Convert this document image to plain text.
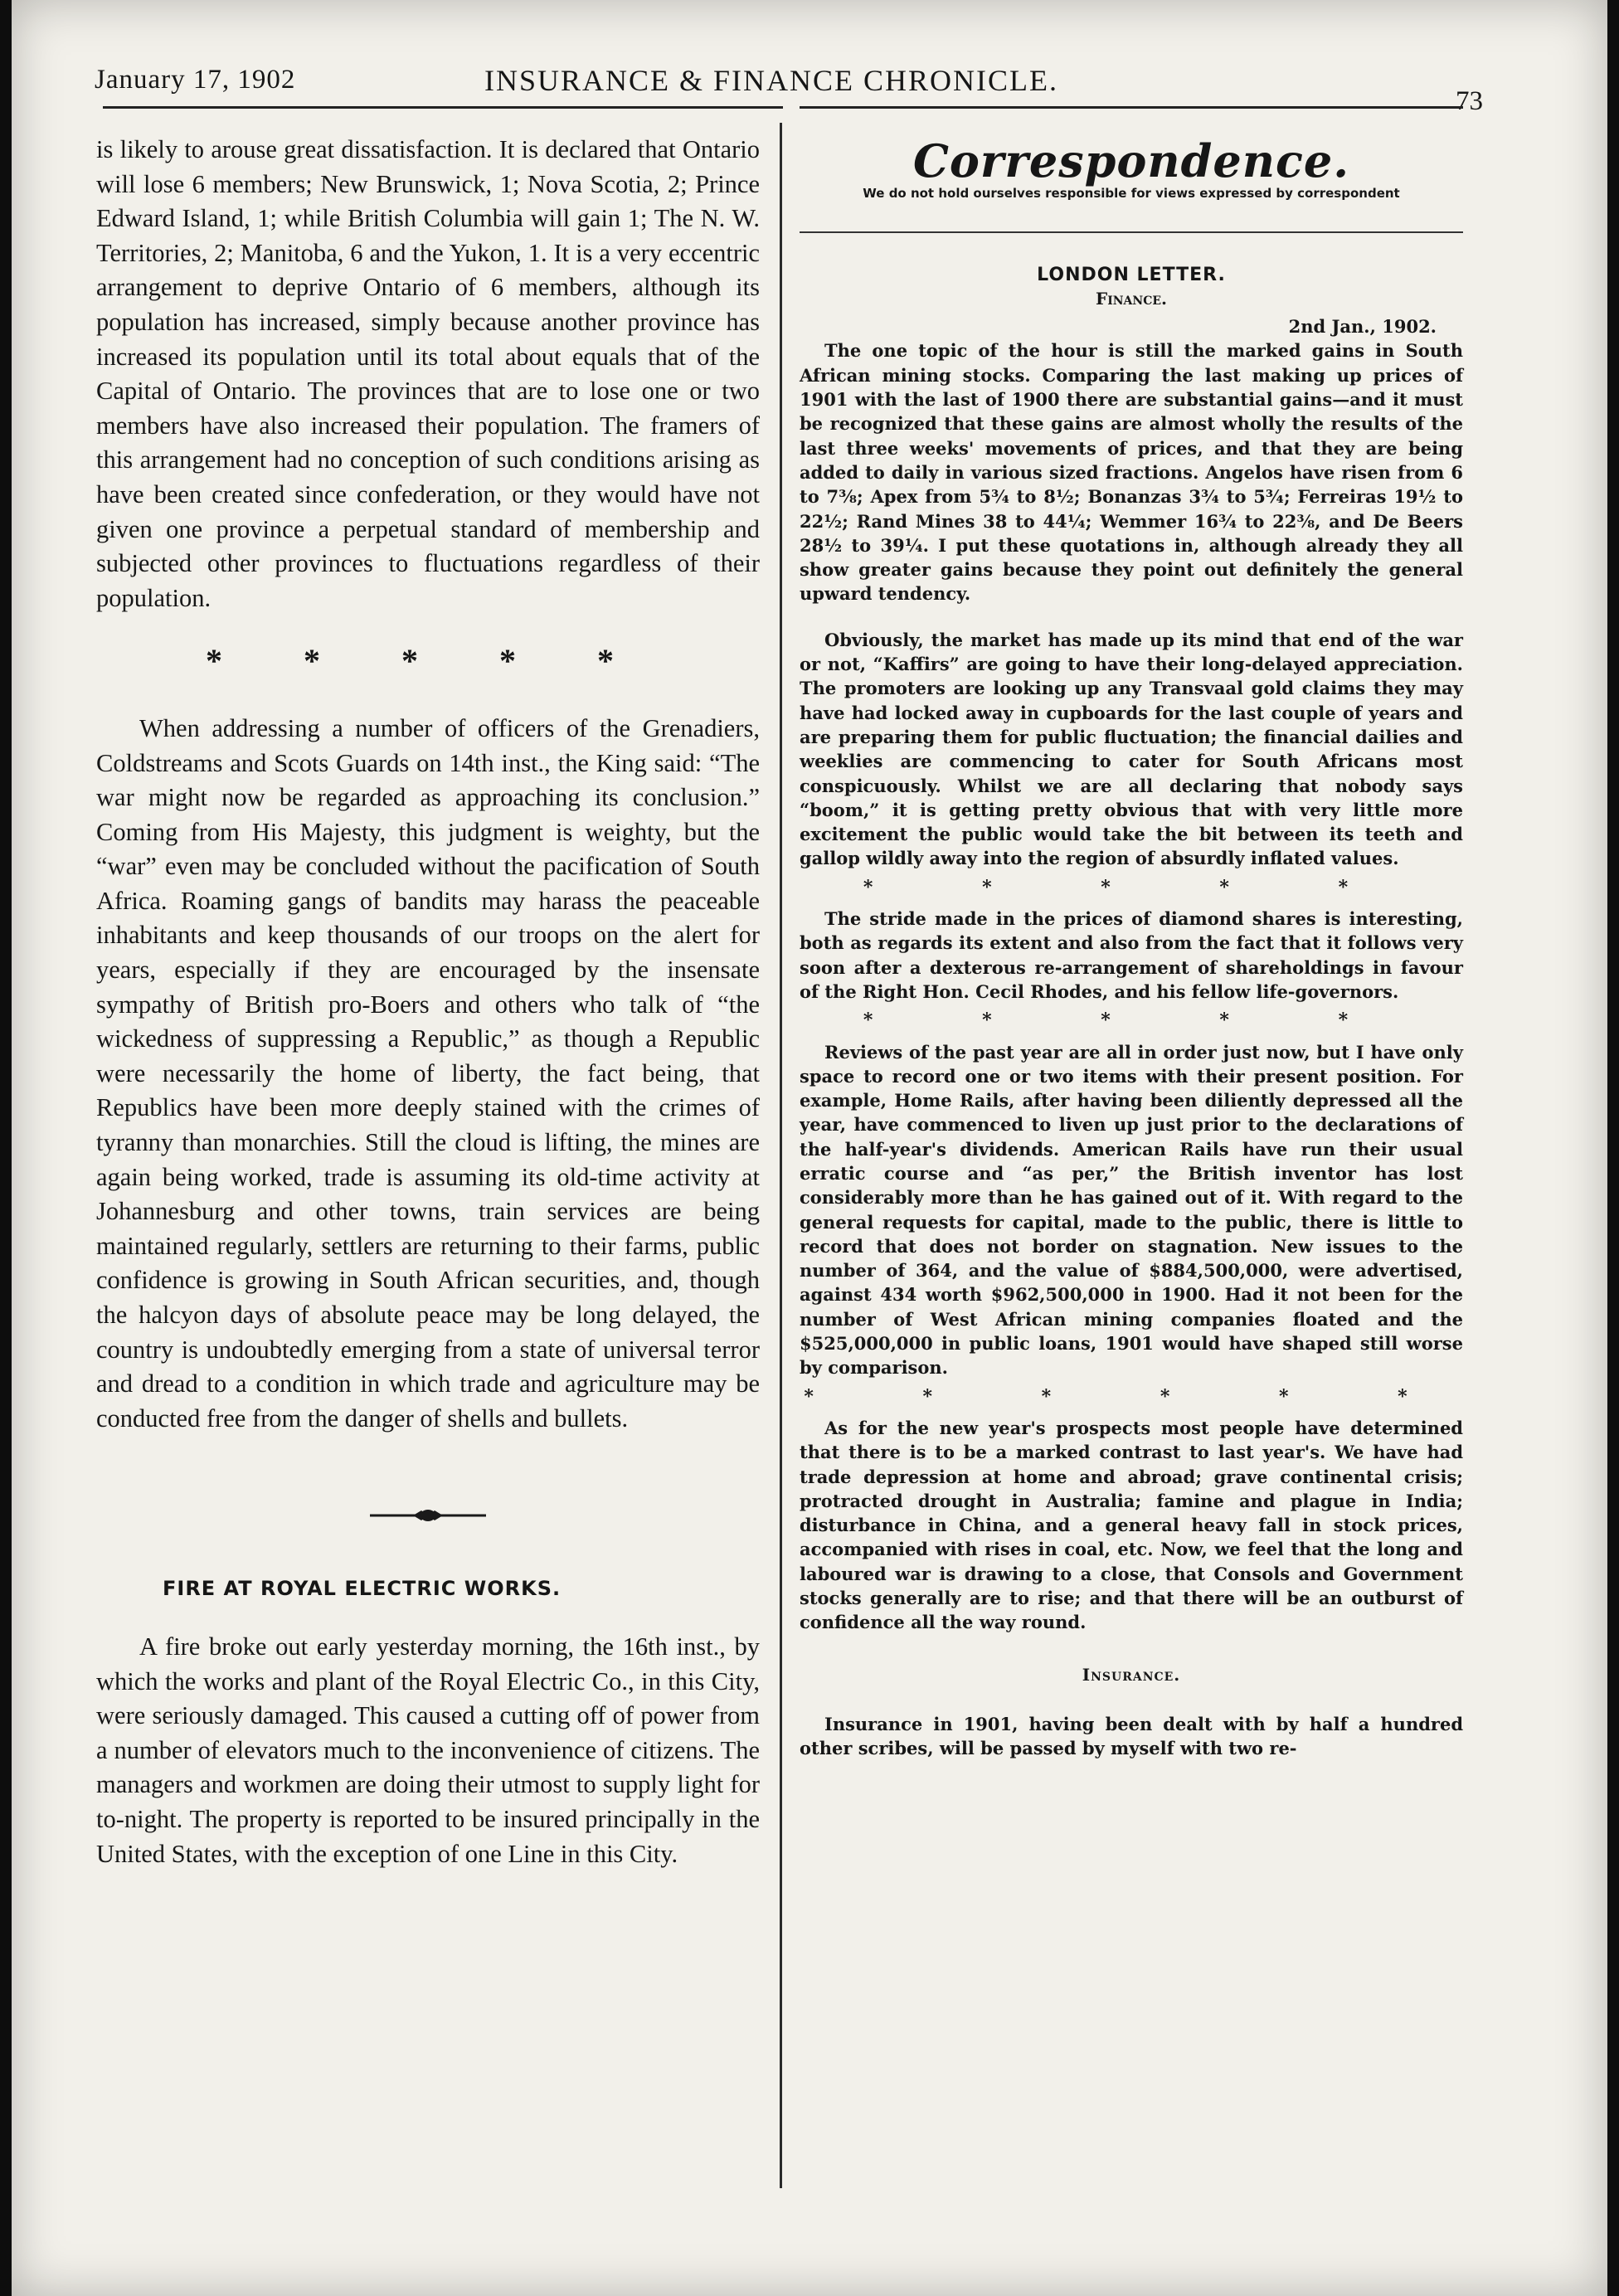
January 17, 1902	INSURANCE & FINANCE CHRONICLE.
73

is likely to arouse great dissatisfaction. It is declared that Ontario will lose 6 members; New Brunswick, 1; Nova Scotia, 2; Prince Edward Island, 1; while British Columbia will gain 1; The N. W. Territories, 2; Manitoba, 6 and the Yukon, 1. It is a very eccentric arrangement to deprive Ontario of 6 members, although its population has increased, simply because another province has increased its population until its total about equals that of the Capital of Ontario. The provinces that are to lose one or two members have also increased their population. The framers of this arrangement had no conception of such conditions arising as have been created since confederation, or they would have not given one province a perpetual standard of membership and subjected other provinces to fluctuations regardless of their population.

* * * * *

When addressing a number of officers of the Grenadiers, Coldstreams and Scots Guards on 14th inst., the King said: “The war might now be regarded as approaching its conclusion.” Coming from His Majesty, this judgment is weighty, but the “war” even may be concluded without the pacification of South Africa. Roaming gangs of bandits may harass the peaceable inhabitants and keep thousands of our troops on the alert for years, especially if they are encouraged by the insensate sympathy of British pro-Boers and others who talk of “the wickedness of suppressing a Republic,” as though a Republic were necessarily the home of liberty, the fact being, that Republics have been more deeply stained with the crimes of tyranny than monarchies. Still the cloud is lifting, the mines are again being worked, trade is assuming its old-time activity at Johannesburg and other towns, train services are being maintained regularly, settlers are returning to their farms, public confidence is growing in South African securities, and, though the halcyon days of absolute peace may be long delayed, the country is undoubtedly emerging from a state of universal terror and dread to a condition in which trade and agriculture may be conducted free from the danger of shells and bullets.

FIRE AT ROYAL ELECTRIC WORKS.

A fire broke out early yesterday morning, the 16th inst., by which the works and plant of the Royal Electric Co., in this City, were seriously damaged. This caused a cutting off of power from a number of elevators much to the inconvenience of citizens. The managers and workmen are doing their utmost to supply light for to-night. The property is reported to be insured principally in the United States, with the exception of one Line in this City.

Correspondence.
We do not hold ourselves responsible for views expressed by correspondent
LONDON LETTER.
Finance.
2nd Jan., 1902.

The one topic of the hour is still the marked gains in South African mining stocks. Comparing the last making up prices of 1901 with the last of 1900 there are substantial gains—and it must be recognized that these gains are almost wholly the results of the last three weeks' movements of prices, and that they are being added to daily in various sized fractions. Angelos have risen from 6 to 7⅜; Apex from 5¾ to 8½; Bonanzas 3¾ to 5¾; Ferreiras 19½ to 22½; Rand Mines 38 to 44¼; Wemmer 16¾ to 22⅜, and De Beers 28½ to 39¼. I put these quotations in, although already they all show greater gains because they point out definitely the general upward tendency.

Obviously, the market has made up its mind that end of the war or not, “Kaffirs” are going to have their long-delayed appreciation. The promoters are looking up any Transvaal gold claims they may have had locked away in cupboards for the last couple of years and are preparing them for public fluctuation; the financial dailies and weeklies are commencing to cater for South Africans most conspicuously. Whilst we are all declaring that nobody says “boom,” it is getting pretty obvious that with very little more excitement the public would take the bit between its teeth and gallop wildly away into the region of absurdly inflated values.

* * * * *

The stride made in the prices of diamond shares is interesting, both as regards its extent and also from the fact that it follows very soon after a dexterous re-arrangement of shareholdings in favour of the Right Hon. Cecil Rhodes, and his fellow life-governors.

* * * * *

Reviews of the past year are all in order just now, but I have only space to record one or two items with their present position. For example, Home Rails, after having been diliently depressed all the year, have commenced to liven up just prior to the declarations of the half-year's dividends. American Rails have run their usual erratic course and “as per,” the British inventor has lost considerably more than he has gained out of it. With regard to the general requests for capital, made to the public, there is little to record that does not border on stagnation. New issues to the number of 364, and the value of $884,500,000, were advertised, against 434 worth $962,500,000 in 1900. Had it not been for the number of West African mining companies floated and the $525,000,000 in public loans, 1901 would have shaped still worse by comparison.

* * * * * *

As for the new year's prospects most people have determined that there is to be a marked contrast to last year's. We have had trade depression at home and abroad; grave continental crisis; protracted drought in Australia; famine and plague in India; disturbance in China, and a general heavy fall in stock prices, accompanied with rises in coal, etc. Now, we feel that the long and laboured war is drawing to a close, that Consols and Government stocks generally are to rise; and that there will be an outburst of confidence all the way round.

Insurance.

Insurance in 1901, having been dealt with by half a hundred other scribes, will be passed by myself with two re-
